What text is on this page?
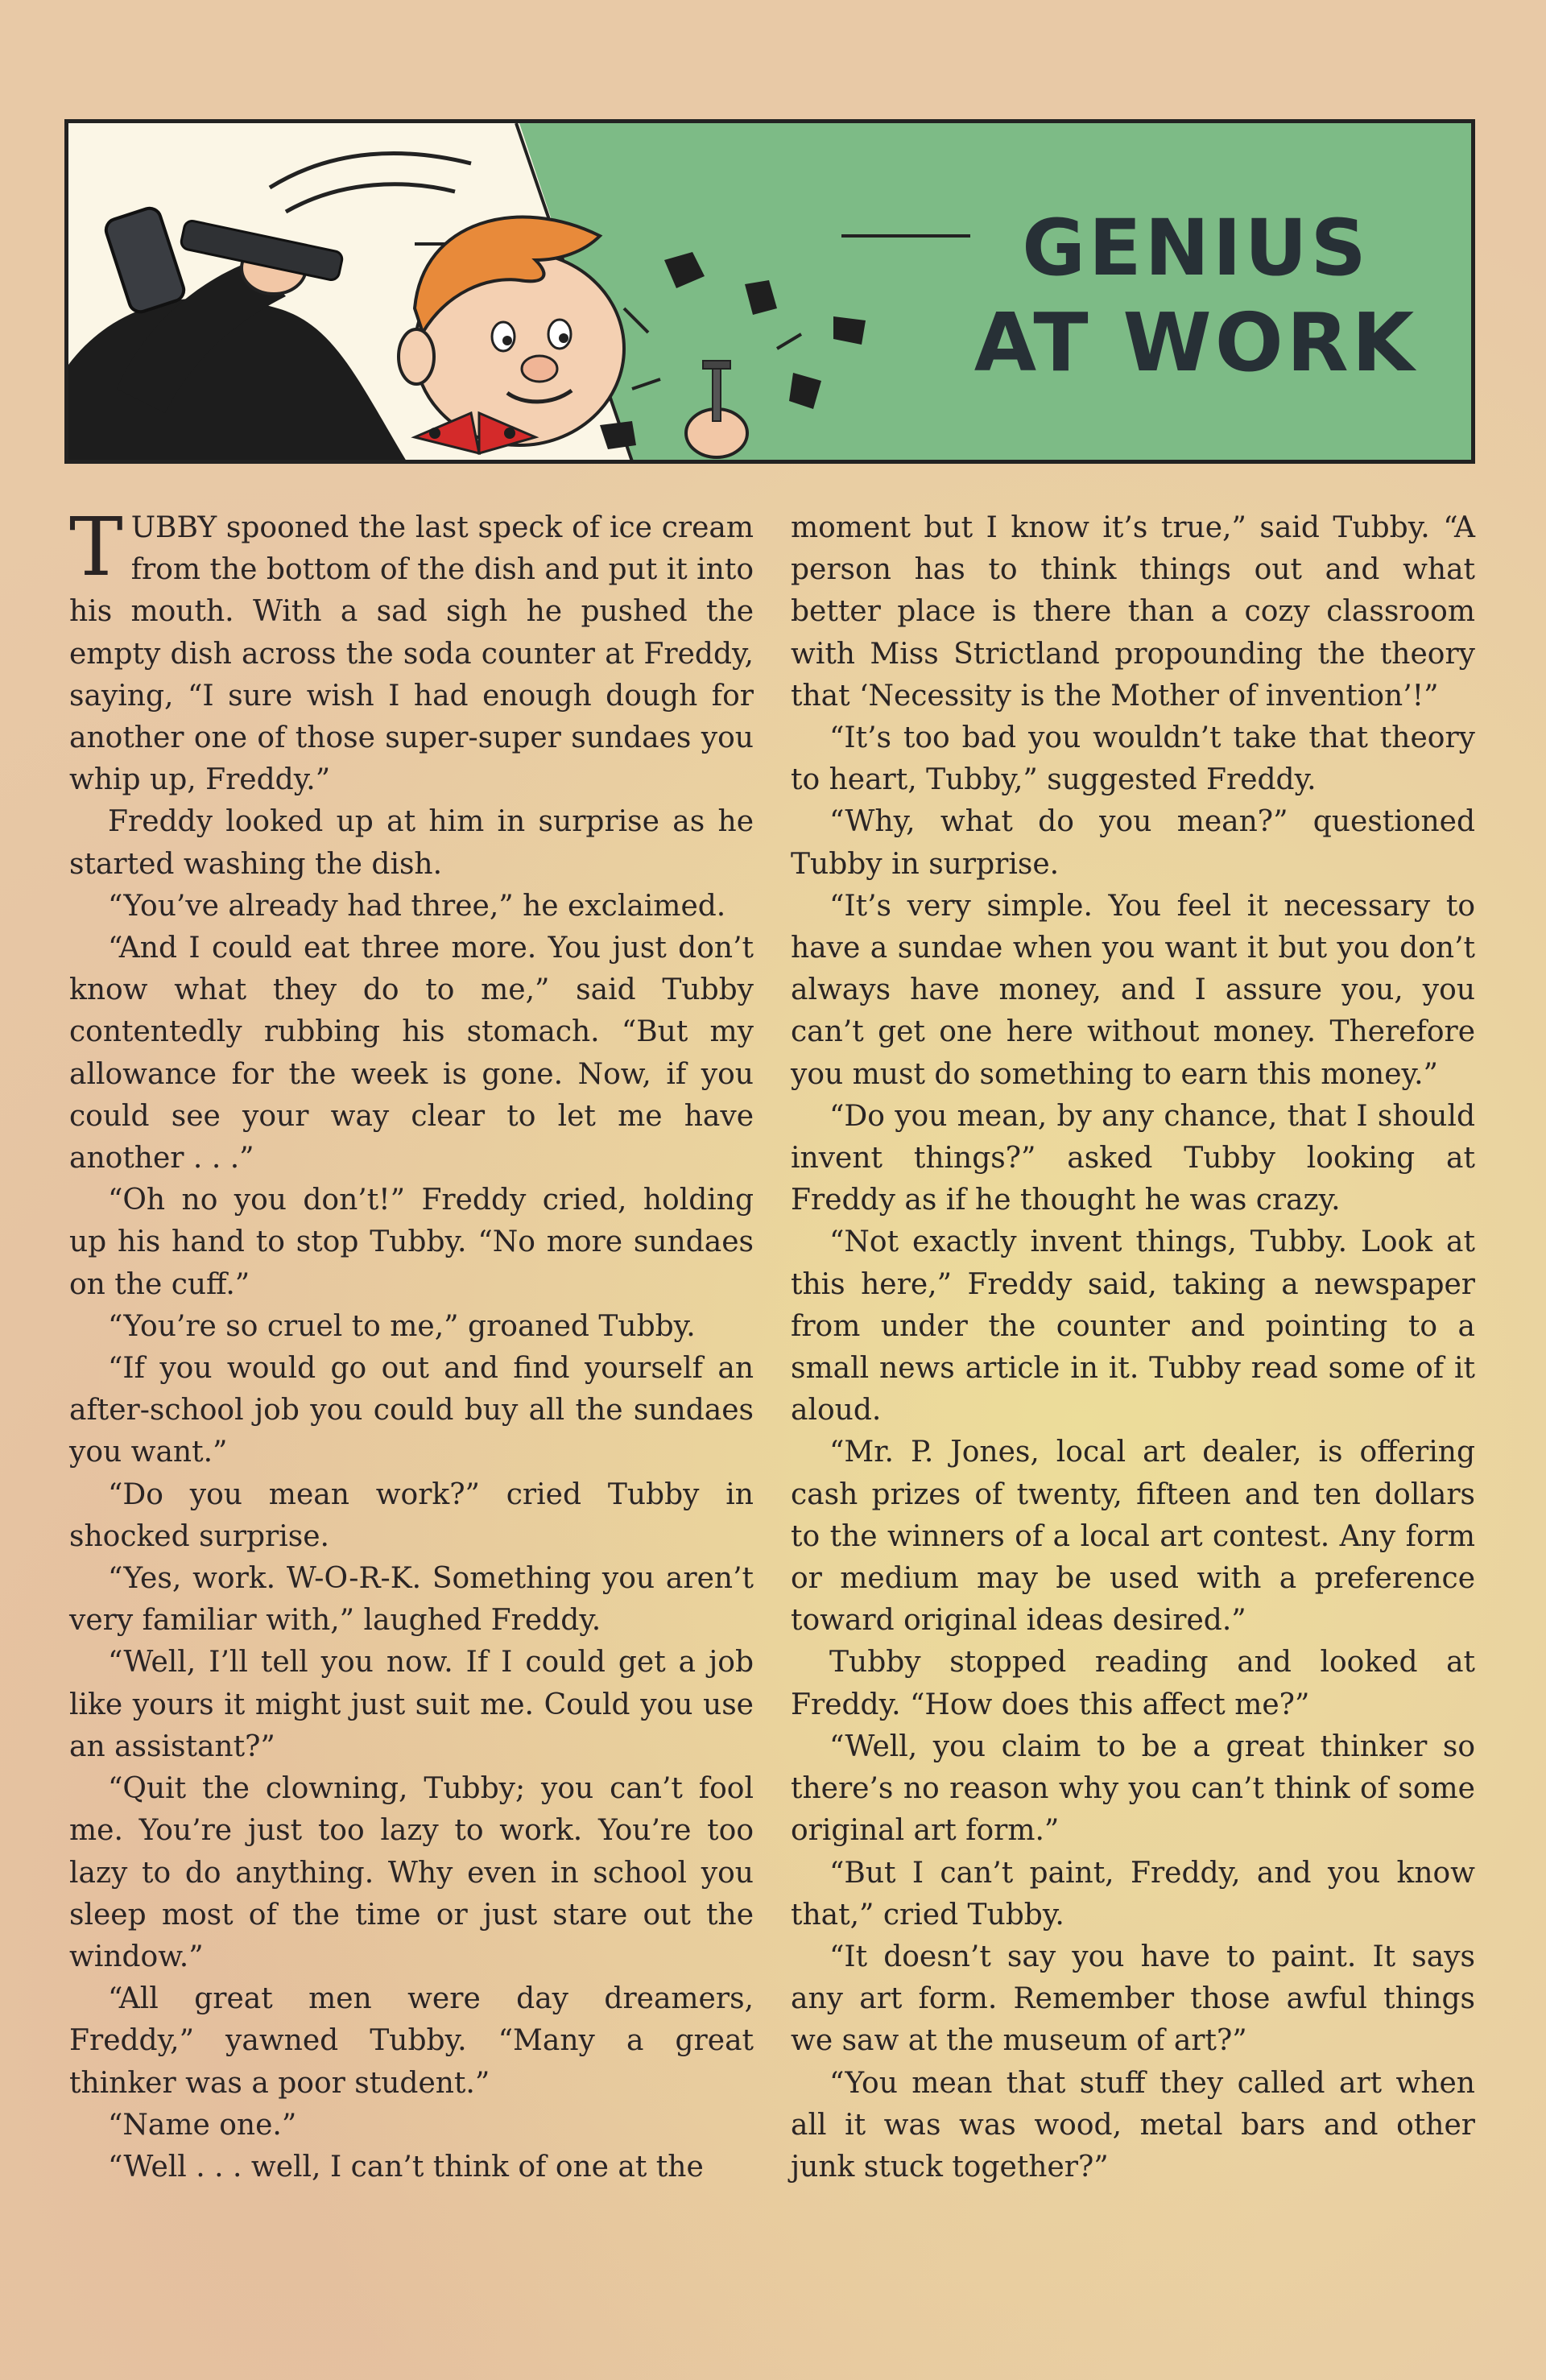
GENIUS
AT WORK

TUBBY spooned the last speck of ice cream from the bottom of the dish and put it into his mouth. With a sad sigh he pushed the empty dish across the soda counter at Freddy, saying, “I sure wish I had enough dough for another one of those super-super sundaes you whip up, Freddy.”

Freddy looked up at him in surprise as he started washing the dish.

“You’ve already had three,” he exclaimed.

“And I could eat three more. You just don’t know what they do to me,” said Tubby contentedly rubbing his stomach. “But my allowance for the week is gone. Now, if you could see your way clear to let me have another . . .”

“Oh no you don’t!” Freddy cried, holding up his hand to stop Tubby. “No more sundaes on the cuff.”

“You’re so cruel to me,” groaned Tubby.

“If you would go out and find yourself an after-school job you could buy all the sundaes you want.”

“Do you mean work?” cried Tubby in shocked surprise.

“Yes, work. W-O-R-K. Something you aren’t very familiar with,” laughed Freddy.

“Well, I’ll tell you now. If I could get a job like yours it might just suit me. Could you use an assistant?”

“Quit the clowning, Tubby; you can’t fool me. You’re just too lazy to work. You’re too lazy to do anything. Why even in school you sleep most of the time or just stare out the window.”

“All great men were day dreamers, Freddy,” yawned Tubby. “Many a great thinker was a poor student.”

“Name one.”

“Well . . . well, I can’t think of one at the

moment but I know it’s true,” said Tubby. “A person has to think things out and what better place is there than a cozy classroom with Miss Strictland propounding the theory that ‘Necessity is the Mother of invention’!”

“It’s too bad you wouldn’t take that theory to heart, Tubby,” suggested Freddy.

“Why, what do you mean?” questioned Tubby in surprise.

“It’s very simple. You feel it necessary to have a sundae when you want it but you don’t always have money, and I assure you, you can’t get one here without money. Therefore you must do something to earn this money.”

“Do you mean, by any chance, that I should invent things?” asked Tubby looking at Freddy as if he thought he was crazy.

“Not exactly invent things, Tubby. Look at this here,” Freddy said, taking a newspaper from under the counter and pointing to a small news article in it. Tubby read some of it aloud.

“Mr. P. Jones, local art dealer, is offering cash prizes of twenty, fifteen and ten dollars to the winners of a local art contest. Any form or medium may be used with a preference toward original ideas desired.”

Tubby stopped reading and looked at Freddy. “How does this affect me?”

“Well, you claim to be a great thinker so there’s no reason why you can’t think of some original art form.”

“But I can’t paint, Freddy, and you know that,” cried Tubby.

“It doesn’t say you have to paint. It says any art form. Remember those awful things we saw at the museum of art?”

“You mean that stuff they called art when all it was was wood, metal bars and other junk stuck together?”
